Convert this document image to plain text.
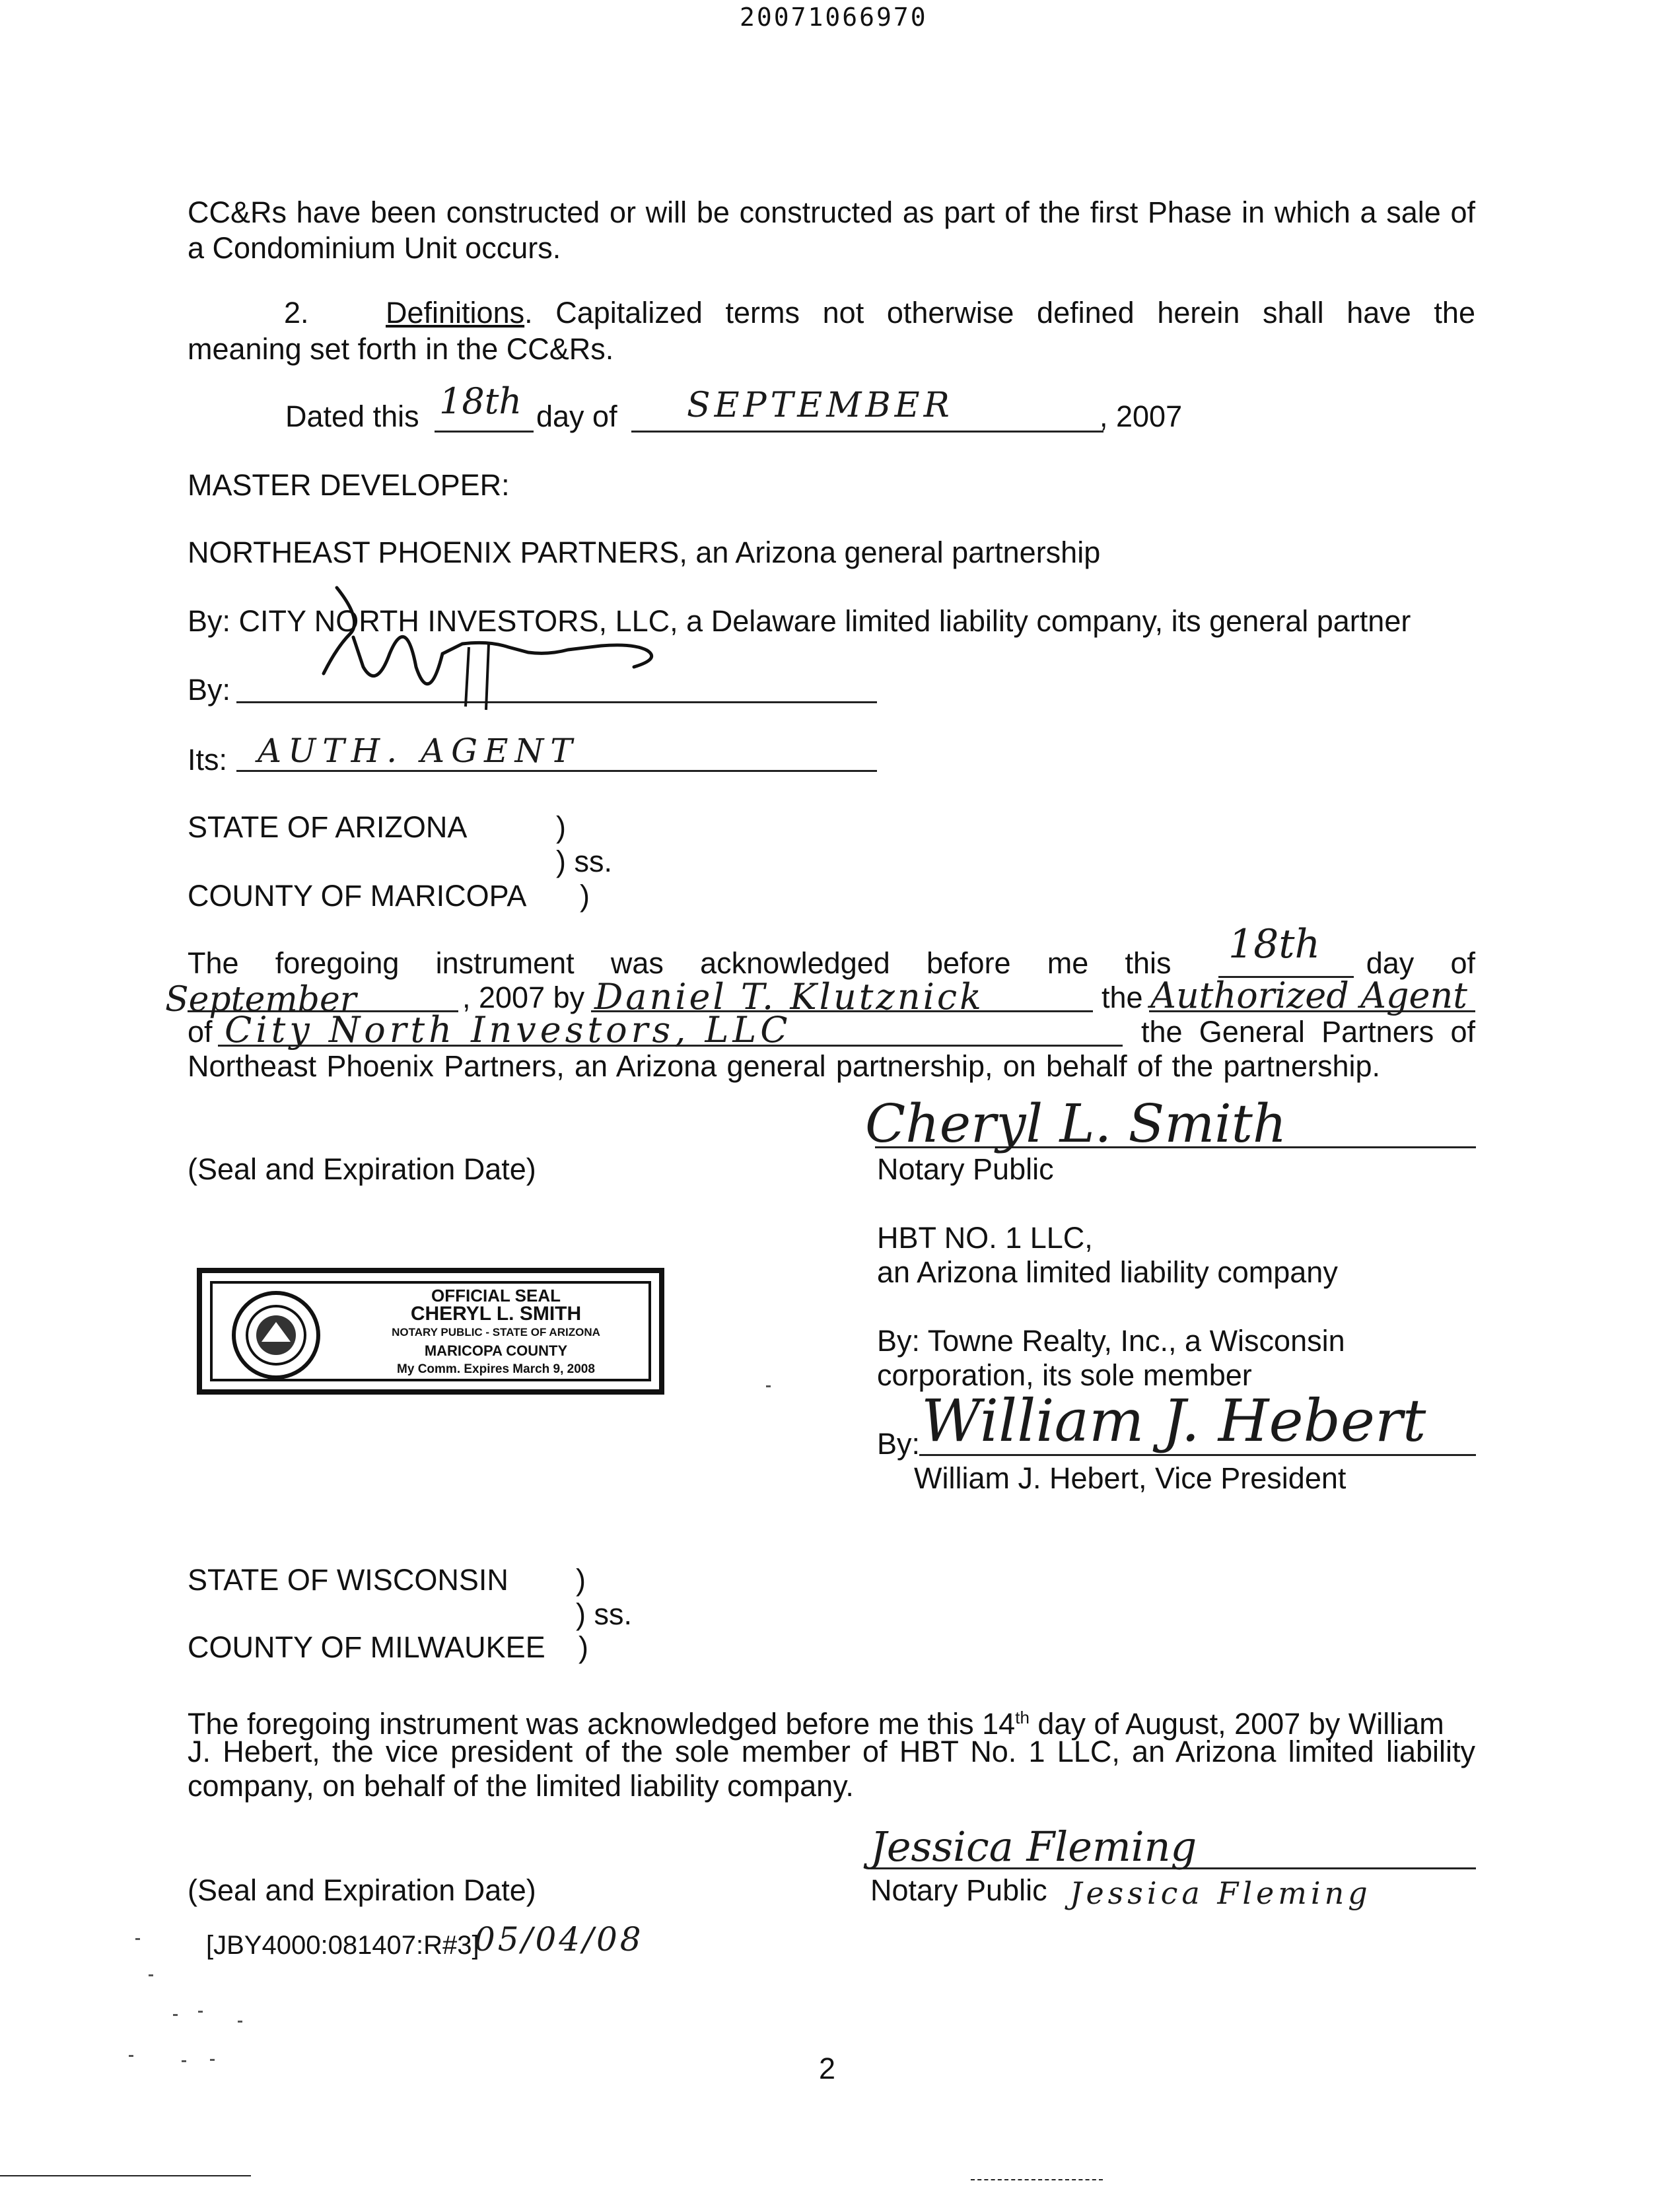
20071066970
CC&Rs have been constructed or will be constructed as part of the first Phase in which a sale of
a Condominium Unit occurs.
2.	Definitions. Capitalized terms not otherwise defined herein shall have the
meaning set forth in the CC&Rs.
Dated this 18th day of SEPTEMBER	, 2007
MASTER DEVELOPER:
NORTHEAST PHOENIX PARTNERS, an Arizona general partnership
By: CITY NORTH INVESTORS, LLC, a Delaware limited liability company, its general partner
By:
Its: AUTH. AGENT
STATE OF ARIZONA	)
) ss.
COUNTY OF MARICOPA )
The foregoing instrument was acknowledged before me this	day of
18th
September	, 2007 by Daniel T. Klutznick	the Authorized Agent
of City North Investors, LLC	the General Partners of
Northeast Phoenix Partners, an Arizona general partnership, on behalf of the partnership.
(Seal and Expiration Date)
Cheryl L. Smith
Notary Public
HBT NO. 1 LLC,
an Arizona limited liability company
By: Towne Realty, Inc., a Wisconsin
corporation, its sole member
By: William J. Hebert
William J. Hebert, Vice President
OFFICIAL SEAL
CHERYL L. SMITH
NOTARY PUBLIC - STATE OF ARIZONA
MARICOPA COUNTY
My Comm. Expires March 9, 2008
STATE OF WISCONSIN )
) ss.
COUNTY OF MILWAUKEE )
The foregoing instrument was acknowledged before me this 14th day of August, 2007 by William
J. Hebert, the vice president of the sole member of HBT No. 1 LLC, an Arizona limited liability
company, on behalf of the limited liability company.
(Seal and Expiration Date)
Jessica Fleming
Notary Public Jessica Fleming
[JBY4000:081407:R#3]
05/04/08
2
